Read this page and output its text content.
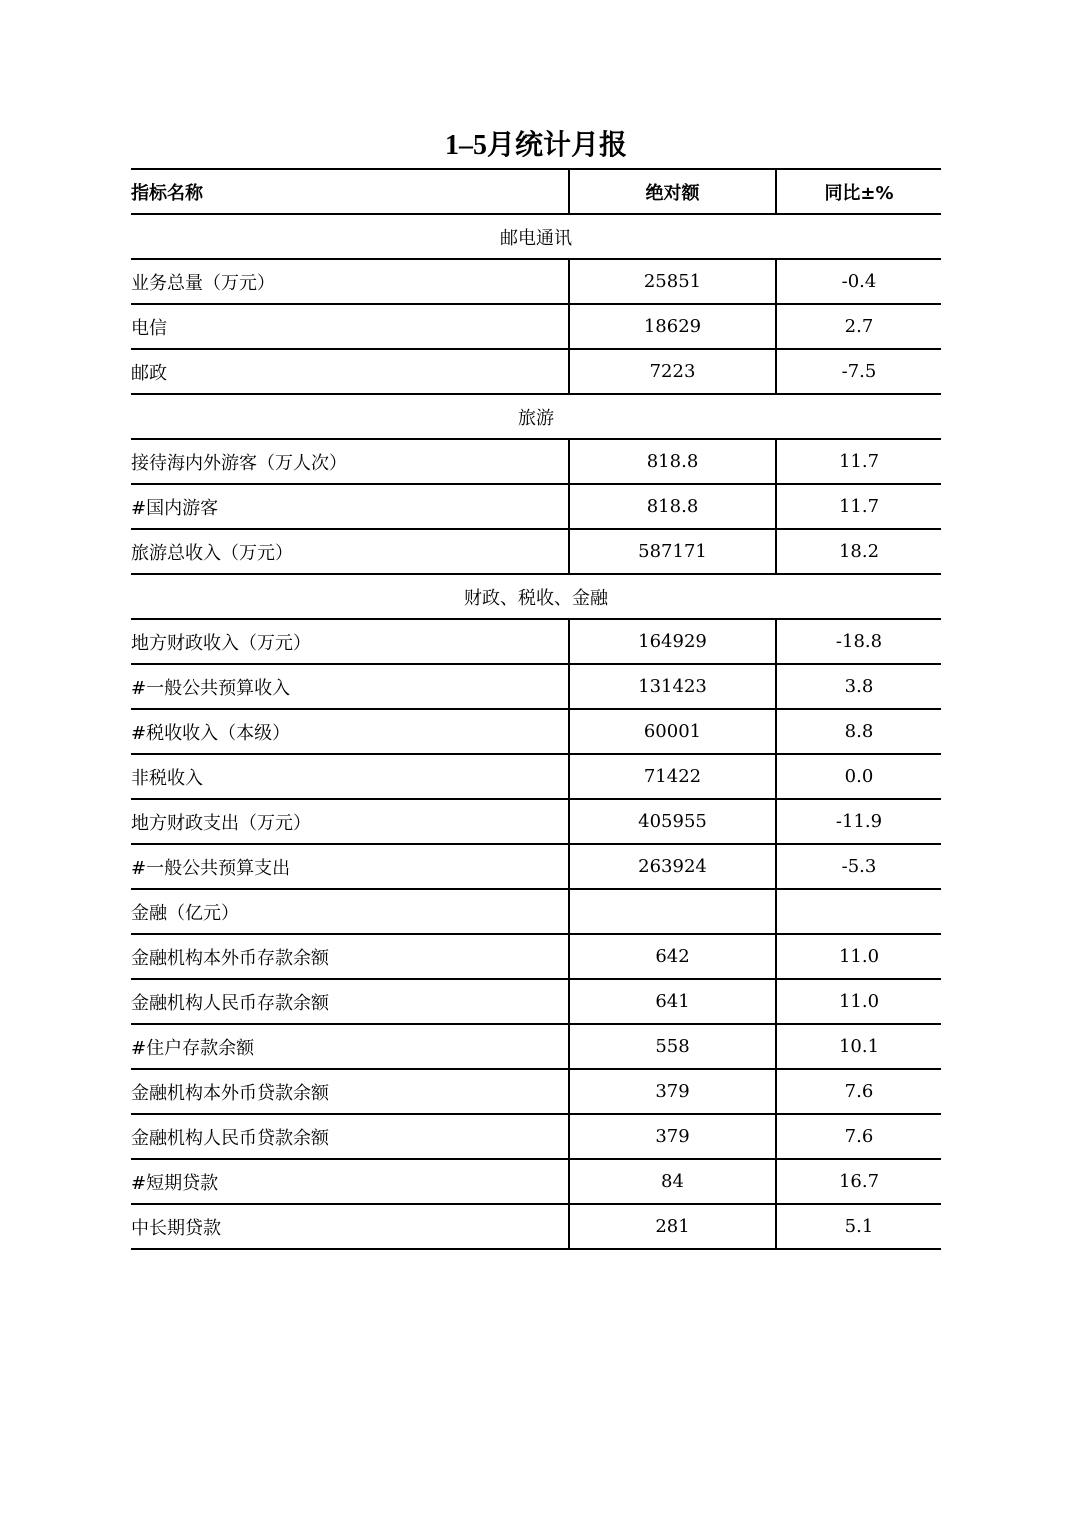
1–5月统计月报
指标名称	绝对额	同比±%
邮电通讯		
业务总量（万元）	25851	-0.4
电信	18629	2.7
邮政	7223	-7.5
旅游		
接待海内外游客（万人次）	818.8	11.7
#国内游客	818.8	11.7
旅游总收入（万元）	587171	18.2
财政、税收、金融		
地方财政收入（万元）	164929	-18.8
#一般公共预算收入	131423	3.8
#税收收入（本级）	60001	8.8
非税收入	71422	0.0
地方财政支出（万元）	405955	-11.9
#一般公共预算支出	263924	-5.3
金融（亿元）		
金融机构本外币存款余额	642	11.0
金融机构人民币存款余额	641	11.0
#住户存款余额	558	10.1
金融机构本外币贷款余额	379	7.6
金融机构人民币贷款余额	379	7.6
#短期贷款	84	16.7
中长期贷款	281	5.1
